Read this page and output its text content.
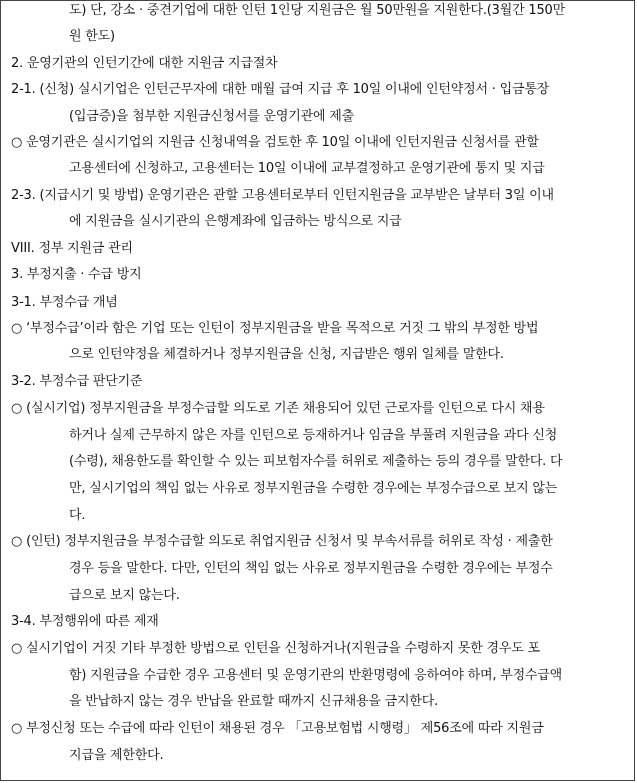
도) 단, 강소 · 중견기업에 대한 인턴 1인당 지원금은 월 50만원을 지원한다.(3월간 150만
원 한도)
2. 운영기관의 인턴기간에 대한 지원금 지급절차
2-1. (신청) 실시기업은 인턴근무자에 대한 매월 급여 지급 후 10일 이내에 인턴약정서 · 입금통장
(입금증)을 첨부한 지원금신청서를 운영기관에 제출
○ 운영기관은 실시기업의 지원금 신청내역을 검토한 후 10일 이내에 인턴지원금 신청서를 관할
고용센터에 신청하고, 고용센터는 10일 이내에 교부결정하고 운영기관에 통지 및 지급
2-3. (지급시기 및 방법) 운영기관은 관할 고용센터로부터 인턴지원금을 교부받은 날부터 3일 이내
에 지원금을 실시기관의 은행계좌에 입금하는 방식으로 지급
VIII. 정부 지원금 관리
3. 부정지출 · 수급 방지
3-1. 부정수급 개념
○ ‘부정수급’이라 함은 기업 또는 인턴이 정부지원금을 받을 목적으로 거짓 그 밖의 부정한 방법
으로 인턴약정을 체결하거나 정부지원금을 신청, 지급받은 행위 일체를 말한다.
3-2. 부정수급 판단기준
○ (실시기업) 정부지원금을 부정수급할 의도로 기존 채용되어 있던 근로자를 인턴으로 다시 채용
하거나 실제 근무하지 않은 자를 인턴으로 등재하거나 임금을 부풀려 지원금을 과다 신청
(수령), 채용한도를 확인할 수 있는 피보험자수를 허위로 제출하는 등의 경우를 말한다. 다
만, 실시기업의 책임 없는 사유로 정부지원금을 수령한 경우에는 부정수급으로 보지 않는
다.
○ (인턴) 정부지원금을 부정수급할 의도로 취업지원금 신청서 및 부속서류를 허위로 작성 · 제출한
경우 등을 말한다. 다만, 인턴의 책임 없는 사유로 정부지원금을 수령한 경우에는 부정수
급으로 보지 않는다.
3-4. 부정행위에 따른 제재
○ 실시기업이 거짓 기타 부정한 방법으로 인턴을 신청하거나(지원금을 수령하지 못한 경우도 포
함) 지원금을 수급한 경우 고용센터 및 운영기관의 반환명령에 응하여야 하며, 부정수급액
을 반납하지 않는 경우 반납을 완료할 때까지 신규채용을 금지한다.
○ 부정신청 또는 수급에 따라 인턴이 채용된 경우 「고용보험법 시행령」 제56조에 따라 지원금
지급을 제한한다.
